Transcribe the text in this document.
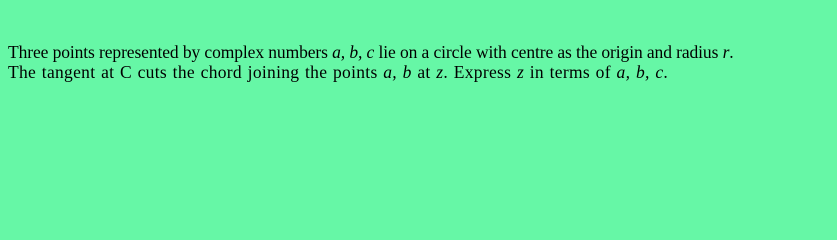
Three points represented by complex numbers a, b, c lie on a circle with centre as the origin and radius r.
The tangent at C cuts the chord joining the points a, b at z. Express z in terms of a, b, c.
